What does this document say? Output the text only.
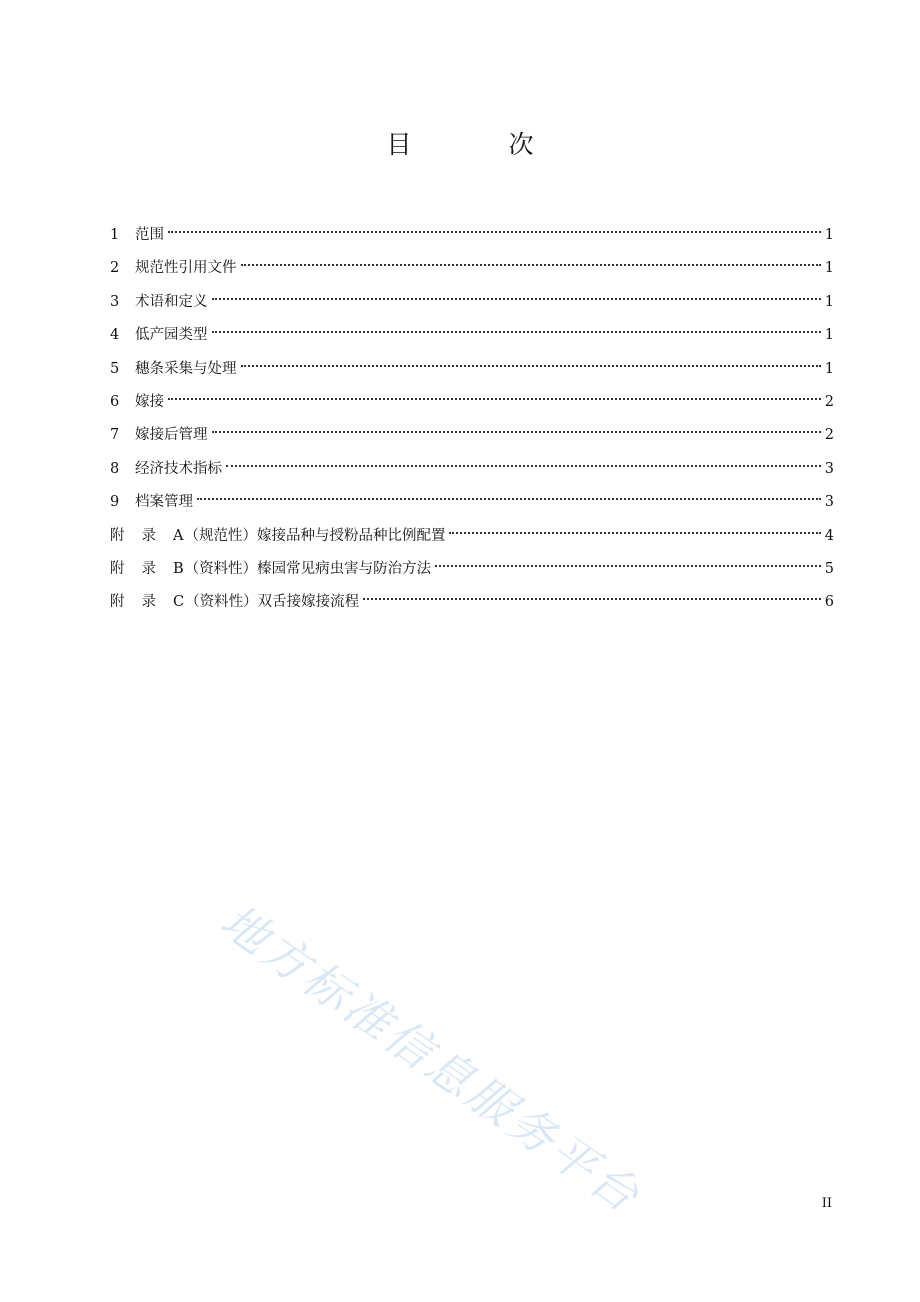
目　次
1	范围	1
2	规范性引用文件	1
3	术语和定义	1
4	低产园类型	1
5	穗条采集与处理	1
6	嫁接	2
7	嫁接后管理	2
8	经济技术指标	3
9	档案管理	3
附录 A （规范性）嫁接品种与授粉品种比例配置	4
附录 B （资料性）榛园常见病虫害与防治方法	5
附录 C （资料性）双舌接嫁接流程	6
地方标准信息服务平台	II
